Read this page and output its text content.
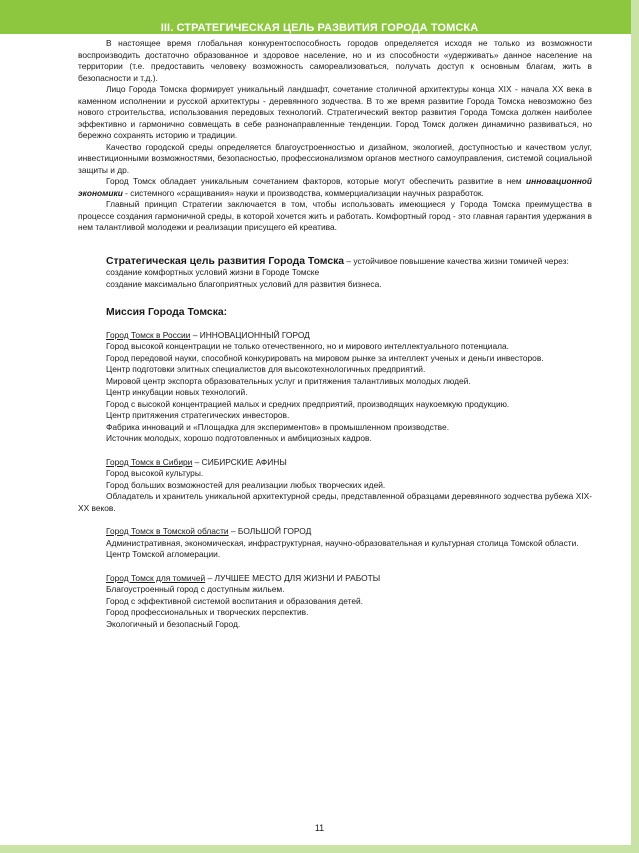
III. СТРАТЕГИЧЕСКАЯ ЦЕЛЬ РАЗВИТИЯ ГОРОДА ТОМСКА

В настоящее время глобальная конкурентоспособность городов определяется исходя не только из возможности воспроизводить достаточно образованное и здоровое население, но и из способности «удерживать» данное население на территории (т.е. предоставить человеку возможность самореализоваться, получать доступ к основным благам, жить в безопасности и т.д.).

Лицо Города Томска формирует уникальный ландшафт, сочетание столичной архитектуры конца XIX - начала XX века в каменном исполнении и русской архитектуры - деревянного зодчества. В то же время развитие Города Томска невозможно без нового строительства, использования передовых технологий. Стратегический вектор развития Города Томска должен наиболее эффективно и гармонично совмещать в себе разнонаправленные тенденции. Город Томск должен динамично развиваться, но бережно сохранять историю и традиции.

Качество городской среды определяется благоустроенностью и дизайном, экологией, доступностью и качеством услуг, инвестиционными возможностями, безопасностью, профессионализмом органов местного самоуправления, системой социальной защиты и др.

Город Томск обладает уникальным сочетанием факторов, которые могут обеспечить развитие в нем инновационной экономики - системного «сращивания» науки и производства, коммерциализации научных разработок.

Главный принцип Стратегии заключается в том, чтобы использовать имеющиеся у Города Томска преимущества в процессе создания гармоничной среды, в которой хочется жить и работать. Комфортный город - это главная гарантия удержания в нем талантливой молодежи и реализации присущего ей креатива.

Стратегическая цель развития Города Томска – устойчивое повышение качества жизни томичей через:

создание комфортных условий жизни в Городе Томске

создание максимально благоприятных условий для развития бизнеса.

Миссия Города Томска:

Город Томск в России – ИННОВАЦИОННЫЙ ГОРОД

Город высокой концентрации не только отечественного, но и мирового интеллектуального потенциала.

Город передовой науки, способной конкурировать на мировом рынке за интеллект ученых и деньги инвесторов.

Центр подготовки элитных специалистов для высокотехнологичных предприятий.

Мировой центр экспорта образовательных услуг и притяжения талантливых молодых людей.

Центр инкубации новых технологий.

Город с высокой концентрацией малых и средних предприятий, производящих наукоемкую продукцию.

Центр притяжения стратегических инвесторов.

Фабрика инноваций и «Площадка для экспериментов» в промышленном производстве.

Источник молодых, хорошо подготовленных и амбициозных кадров.

Город Томск в Сибири – СИБИРСКИЕ АФИНЫ

Город высокой культуры.

Город больших возможностей для реализации любых творческих идей.

Обладатель и хранитель уникальной архитектурной среды, представленной образцами деревянного зодчества рубежа XIX-XX веков.

Город Томск в Томской области – БОЛЬШОЙ ГОРОД

Административная, экономическая, инфраструктурная, научно-образовательная и культурная столица Томской области.

Центр Томской агломерации.

Город Томск для томичей – ЛУЧШЕЕ МЕСТО ДЛЯ ЖИЗНИ И РАБОТЫ

Благоустроенный город с доступным жильем.

Город с эффективной системой воспитания и образования детей.

Город профессиональных и творческих перспектив.

Экологичный и безопасный Город.

11
